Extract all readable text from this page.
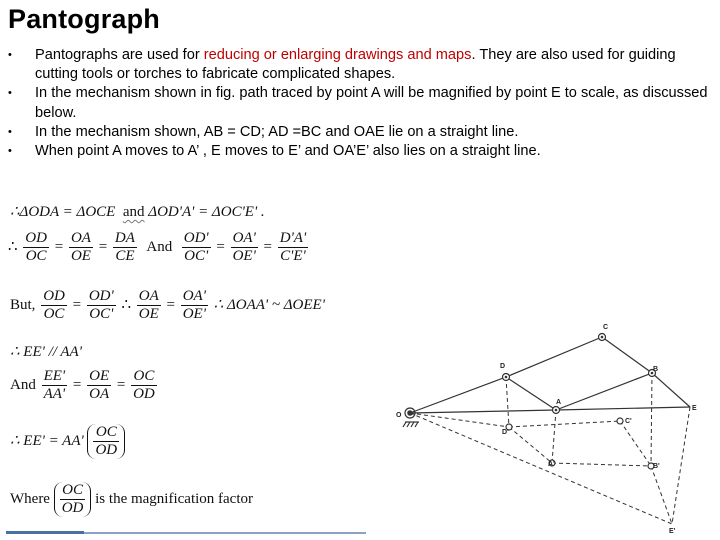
Pantograph
• Pantographs are used for reducing or enlarging drawings and maps. They are also used for guiding cutting tools or torches to fabricate complicated shapes.
• In the mechanism shown in fig. path traced by point A will be magnified by point E to scale, as discussed below.
• In the mechanism shown, AB = CD; AD =BC and OAE lie on a straight line.
• When point A moves to A’ , E moves to E’ and OA’E’ also lies on a straight line.
∴ΔODA = ΔOCE and ΔOD'A' = ΔOC'E' .
∴ $\frac{OD}{OC} = \frac{OA}{OE} = \frac{DA}{CE}$ And $\frac{OD'}{OC'} = \frac{OA'}{OE'} = \frac{D'A'}{C'E'}$
But, $\frac{OD}{OC} = \frac{OD'}{OC'}$ ∴ $\frac{OA}{OE} = \frac{OA'}{OE'}$ ∴ ΔOAA' ~ ΔOEE'
∴ EE' // AA'
And $\frac{EE'}{AA'} = \frac{OE}{OA} = \frac{OC}{OD}$
∴ $EE' = AA' \frac{OC}{OD}$
Where $\frac{OC}{OD}$ is the magnification factor
O
D
C
B
A
E
D'
C'
A'	B'
E'
